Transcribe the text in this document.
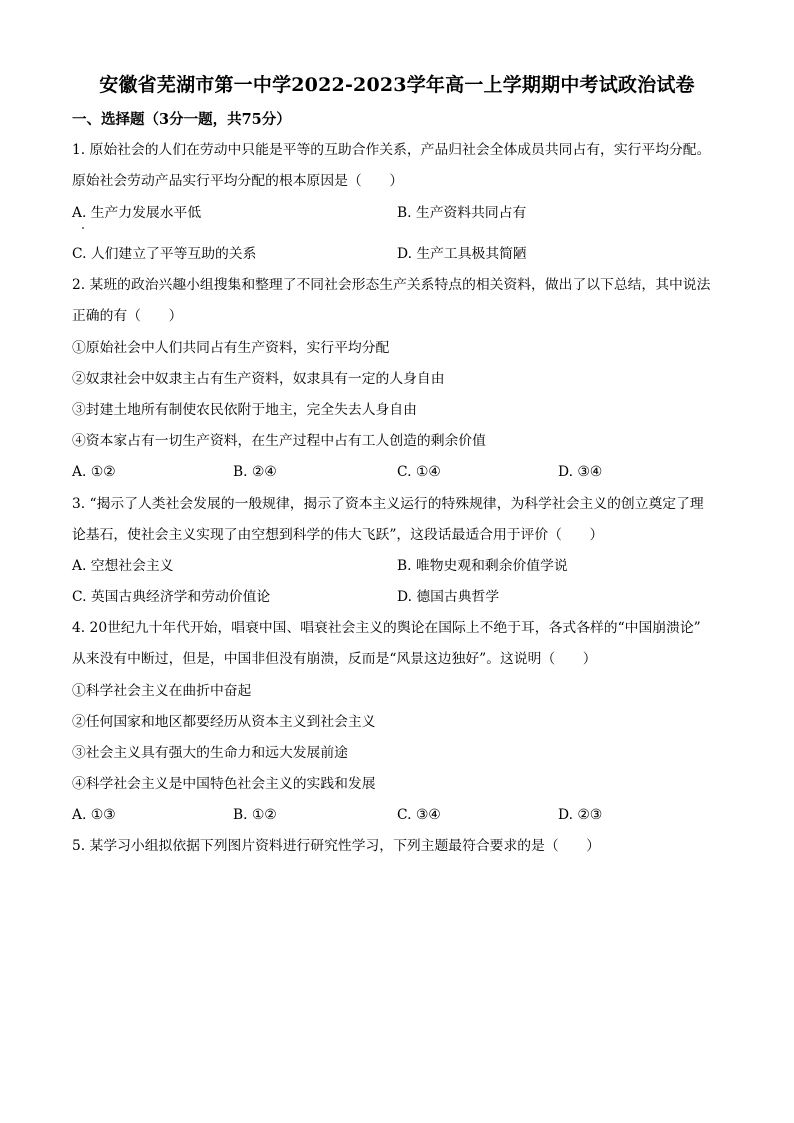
安徽省芜湖市第一中学2022-2023学年高一上学期期中考试政治试卷
一、选择题（3分一题，共75分）
1. 原始社会的人们在劳动中只能是平等的互助合作关系，产品归社会全体成员共同占有，实行平均分配。
原始社会劳动产品实行平均分配的根本原因是（　　）
A. 生产力发展水平低	B. 生产资料共同占有
C. 人们建立了平等互助的关系	D. 生产工具极其简陋
2. 某班的政治兴趣小组搜集和整理了不同社会形态生产关系特点的相关资料，做出了以下总结，其中说法
正确的有（　　）
①原始社会中人们共同占有生产资料，实行平均分配
②奴隶社会中奴隶主占有生产资料，奴隶具有一定的人身自由
③封建土地所有制使农民依附于地主，完全失去人身自由
④资本家占有一切生产资料，在生产过程中占有工人创造的剩余价值
A. ①②	B. ②④	C. ①④	D. ③④
3. “揭示了人类社会发展的一般规律，揭示了资本主义运行的特殊规律，为科学社会主义的创立奠定了理
论基石，使社会主义实现了由空想到科学的伟大飞跃”，这段话最适合用于评价（　　）
A. 空想社会主义	B. 唯物史观和剩余价值学说
C. 英国古典经济学和劳动价值论	D. 德国古典哲学
4. 20世纪九十年代开始，唱衰中国、唱衰社会主义的舆论在国际上不绝于耳，各式各样的“中国崩溃论”
从来没有中断过，但是，中国非但没有崩溃，反而是“风景这边独好”。这说明（　　）
①科学社会主义在曲折中奋起
②任何国家和地区都要经历从资本主义到社会主义
③社会主义具有强大的生命力和远大发展前途
④科学社会主义是中国特色社会主义的实践和发展
A. ①③	B. ①②	C. ③④	D. ②③
5. 某学习小组拟依据下列图片资料进行研究性学习，下列主题最符合要求的是（　　）
